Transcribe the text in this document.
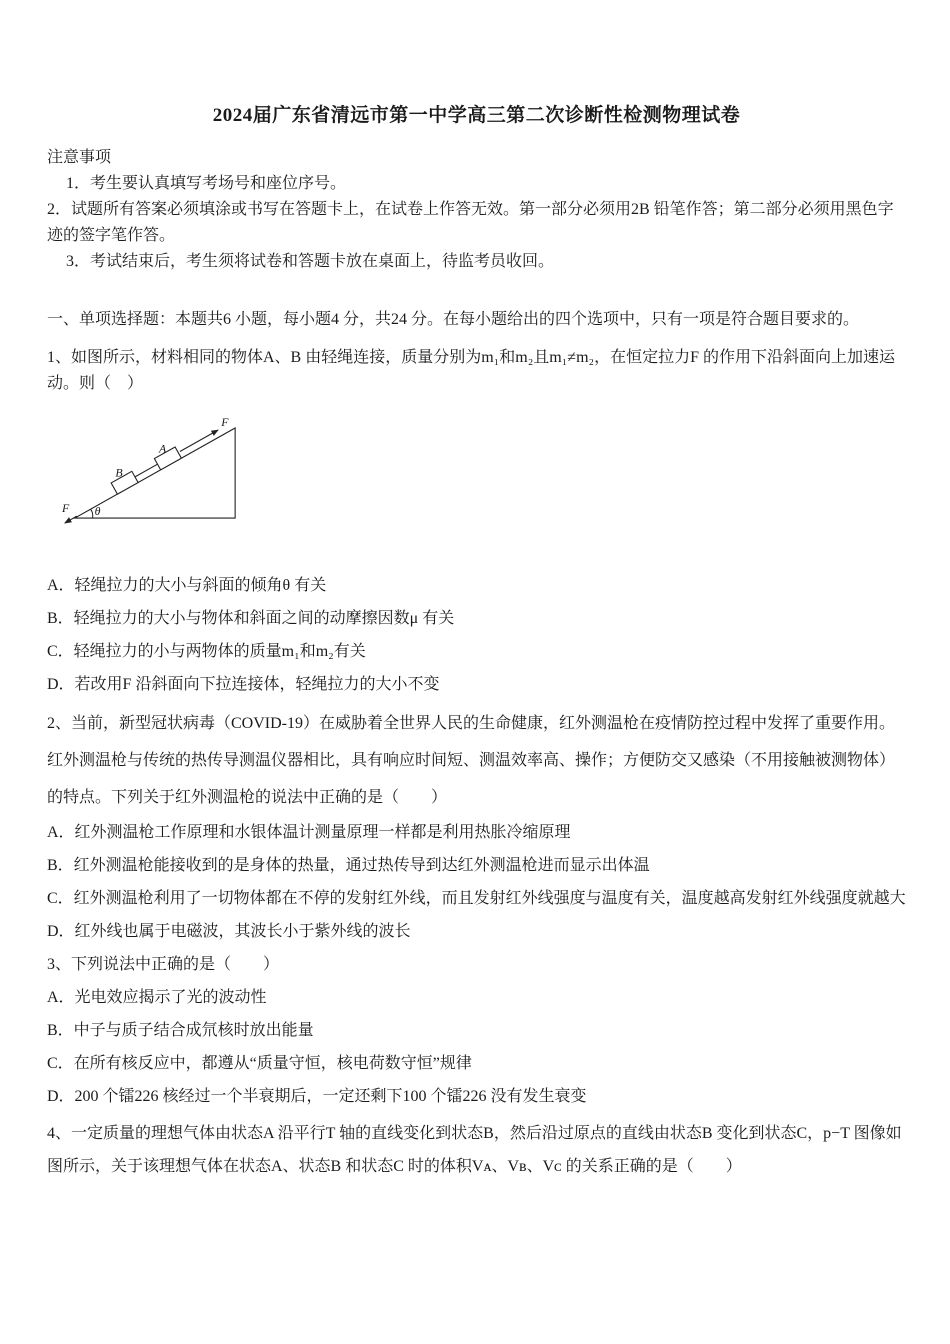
2024届广东省清远市第一中学高三第二次诊断性检测物理试卷

注意事项

1．考生要认真填写考场号和座位序号。

2．试题所有答案必须填涂或书写在答题卡上，在试卷上作答无效。第一部分必须用2B 铅笔作答；第二部分必须用黑色字迹的签字笔作答。

3．考试结束后，考生须将试卷和答题卡放在桌面上，待监考员收回。

一、单项选择题：本题共6 小题，每小题4 分，共24 分。在每小题给出的四个选项中，只有一项是符合题目要求的。

1、如图所示，材料相同的物体A、B 由轻绳连接，质量分别为m₁和m₂且m₁≠m₂，在恒定拉力F 的作用下沿斜面向上加速运动。则（　）

A
B
F
F θ

A．轻绳拉力的大小与斜面的倾角θ 有关

B．轻绳拉力的大小与物体和斜面之间的动摩擦因数μ 有关

C．轻绳拉力的小与两物体的质量m₁和m₂有关

D．若改用F 沿斜面向下拉连接体，轻绳拉力的大小不变

2、当前，新型冠状病毒（COVID-19）在威胁着全世界人民的生命健康，红外测温枪在疫情防控过程中发挥了重要作用。红外测温枪与传统的热传导测温仪器相比，具有响应时间短、测温效率高、操作；方便防交又感染（不用接触被测物体）的特点。下列关于红外测温枪的说法中正确的是（　　）

A．红外测温枪工作原理和水银体温计测量原理一样都是利用热胀冷缩原理

B．红外测温枪能接收到的是身体的热量，通过热传导到达红外测温枪进而显示出体温

C．红外测温枪利用了一切物体都在不停的发射红外线，而且发射红外线强度与温度有关，温度越高发射红外线强度就越大

D．红外线也属于电磁波，其波长小于紫外线的波长

3、下列说法中正确的是（　　）

A．光电效应揭示了光的波动性

B．中子与质子结合成氘核时放出能量

C．在所有核反应中，都遵从“质量守恒，核电荷数守恒”规律

D．200 个镭226 核经过一个半衰期后，一定还剩下100 个镭226 没有发生衰变

4、一定质量的理想气体由状态A 沿平行T 轴的直线变化到状态B，然后沿过原点的直线由状态B 变化到状态C，p−T 图像如图所示，关于该理想气体在状态A、状态B 和状态C 时的体积Vᴀ、Vʙ、Vᴄ 的关系正确的是（　　）
